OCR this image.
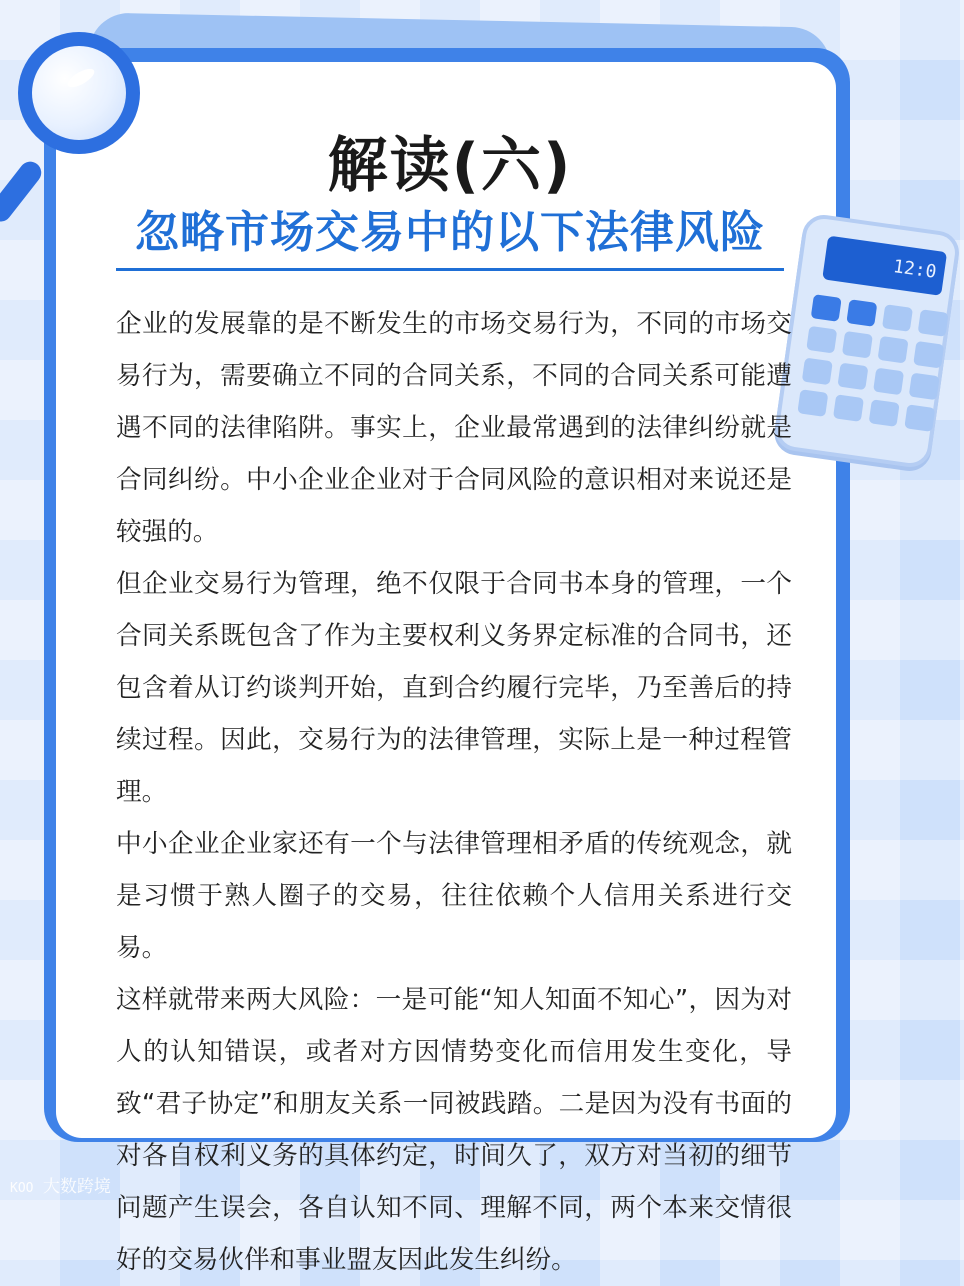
12:0
解读(六)
忽略市场交易中的以下法律风险

企业的发展靠的是不断发生的市场交易行为，不同的市场交易行为，需要确立不同的合同关系，不同的合同关系可能遭遇不同的法律陷阱。事实上，企业最常遇到的法律纠纷就是合同纠纷。中小企业企业对于合同风险的意识相对来说还是较强的。

但企业交易行为管理，绝不仅限于合同书本身的管理，一个合同关系既包含了作为主要权利义务界定标准的合同书，还包含着从订约谈判开始，直到合约履行完毕，乃至善后的持续过程。因此，交易行为的法律管理，实际上是一种过程管理。

中小企业企业家还有一个与法律管理相矛盾的传统观念，就是习惯于熟人圈子的交易，往往依赖个人信用关系进行交易。

这样就带来两大风险：一是可能“知人知面不知心”，因为对人的认知错误，或者对方因情势变化而信用发生变化，导致“君子协定”和朋友关系一同被践踏。二是因为没有书面的对各自权利义务的具体约定，时间久了，双方对当初的细节问题产生误会，各自认知不同、理解不同，两个本来交情很好的交易伙伴和事业盟友因此发生纠纷。

KOO 大数跨境
